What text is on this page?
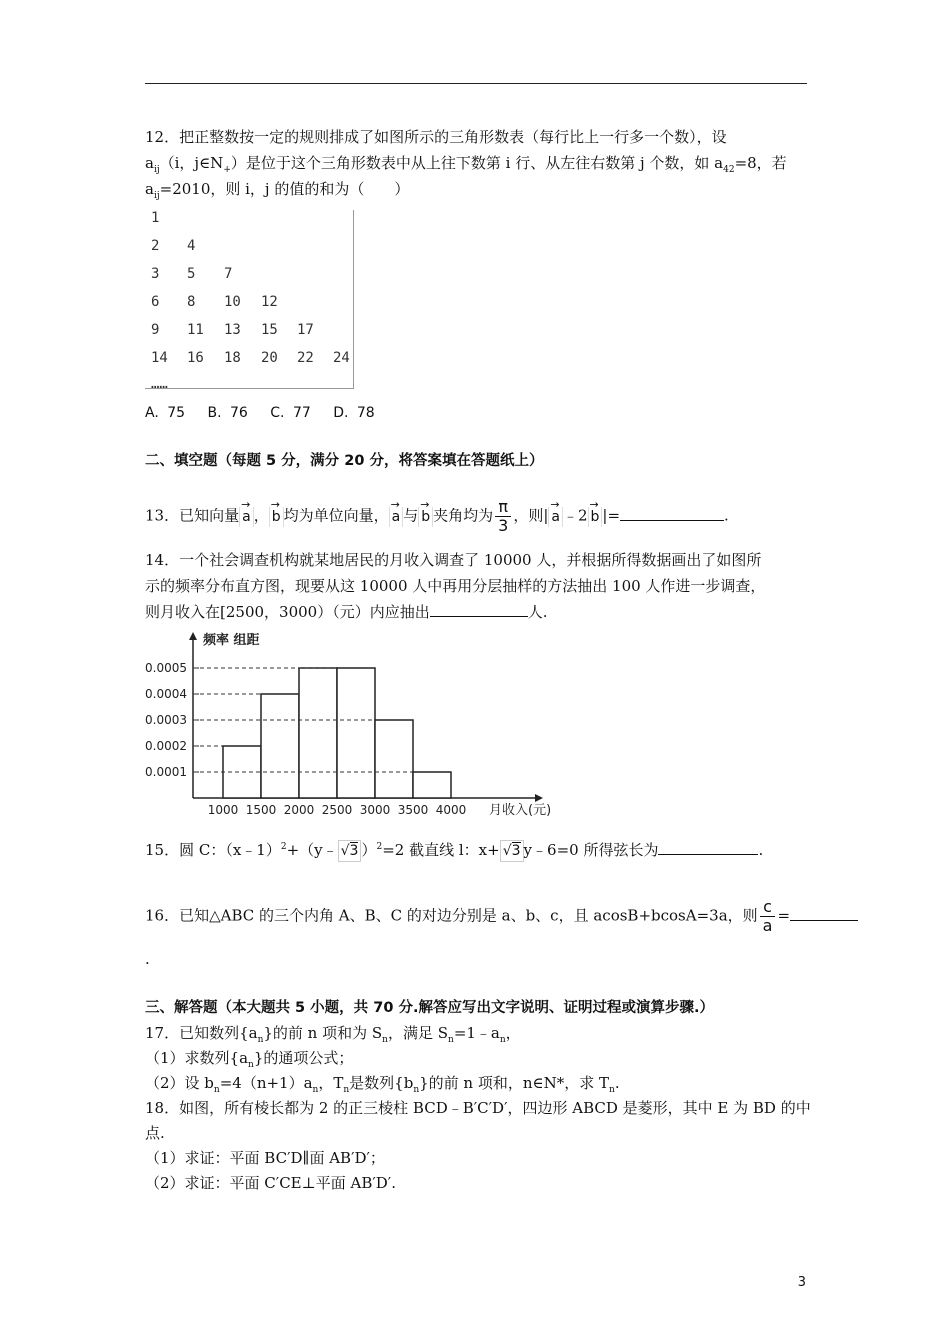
12．把正整数按一定的规则排成了如图所示的三角形数表（每行比上一行多一个数），设
$a_{ij}(i$，$j\in N_+$）是位于这个三角形数表中从上往下数第 i 行、从左往右数第 j 个数，如 $a_{42}=8$，若
$a_{ij}=2010$，则 i，j 的值的和为（　　）
……
1
2 4
3 5 7
6 8 10 12
9 11 13 15 17
14 16 18 20 22 24
A. 75　 B. 76　 C. 77　 D. 78
二、填空题（每题 5 分，满分 20 分，将答案填在答题纸上）
13．已知向量
→
a ，
→
b 均为单位向量，
→
a 与
→
b 夹角均为 $\frac{\pi}{3}$ ，则|
→
a ﹣2
→
b |=	.
14．一个社会调查机构就某地居民的月收入调查了 10000 人，并根据所得数据画出了如图所
示的频率分布直方图，现要从这 10000 人中再用分层抽样的方法抽出 100 人作进一步调查，
则月收入在[2500，3000）（元）内应抽出	人.
0.0005
0.0004
0.0003
0.0002
0.0001
1000 1500 2000 2500 3000 3500 4000
频率 组距
月收入(元)
15．圆 C：（x﹣1）$^2$+（y﹣ √3 ）$^2$=2 截直线 l：x+ √3 y﹣6=0 所得弦长为	.
16．已知△ABC 的三个内角 A、B、C 的对边分别是 a、b、c，且 acosB+bcosA=3a，则 $\frac{c}{a}$ =
.
三、解答题（本大题共 5 小题，共 70 分.解答应写出文字说明、证明过程或演算步骤.）
17．已知数列$\{a_n\}$的前 n 项和为 $S_n$，满足 $S_n=1﹣a_n$，
（1）求数列$\{a_n\}$的通项公式；
（2）设 $b_n=4(n+1)a_n$，$T_n$是数列$\{b_n\}$的前 n 项和，n∈N*，求 $T_n$.
18．如图，所有棱长都为 2 的正三棱柱 BCD﹣B′C′D′，四边形 ABCD 是菱形，其中 E 为 BD 的中
点.
（1）求证：平面 BC′D∥面 AB′D′；
（2）求证：平面 C′CE⊥平面 AB′D′.
3
